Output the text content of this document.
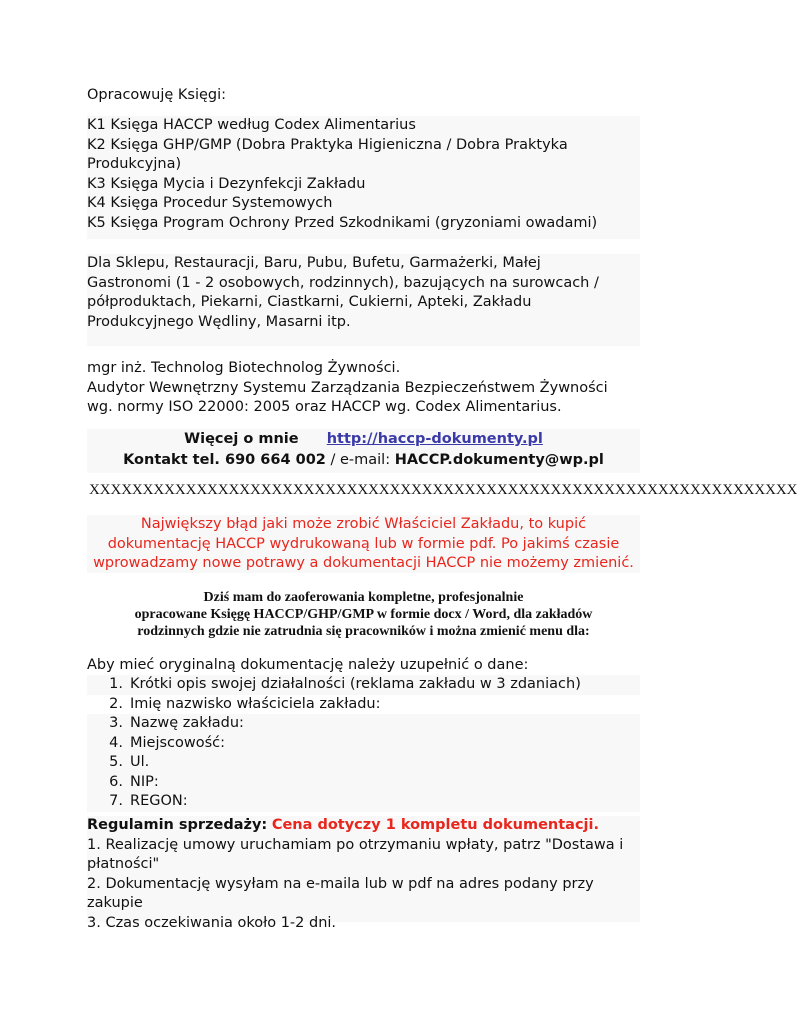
Opracowuję Księgi:
K1 Księga HACCP według Codex Alimentarius
K2 Księga GHP/GMP (Dobra Praktyka Higieniczna / Dobra Praktyka
Produkcyjna)
K3 Księga Mycia i Dezynfekcji Zakładu
K4 Księga Procedur Systemowych
K5 Księga Program Ochrony Przed Szkodnikami (gryzoniami owadami)
Dla Sklepu, Restauracji, Baru, Pubu, Bufetu, Garmażerki, Małej
Gastronomi (1 - 2 osobowych, rodzinnych), bazujących na surowcach /
półproduktach, Piekarni, Ciastkarni, Cukierni, Apteki, Zakładu
Produkcyjnego Wędliny, Masarni itp.
mgr inż. Technolog Biotechnolog Żywności.
Audytor Wewnętrzny Systemu Zarządzania Bezpieczeństwem Żywności
wg. normy ISO 22000: 2005 oraz HACCP wg. Codex Alimentarius.
Więcej o mnie http://haccp-dokumenty.pl
Kontakt tel. 690 664 002 / e-mail: HACCP.dokumenty@wp.pl
XXXXXXXXXXXXXXXXXXXXXXXXXXXXXXXXXXXXXXXXXXXXXXXXXXXXXXXXXXXXXXXXXX
Największy błąd jaki może zrobić Właściciel Zakładu, to kupić
dokumentację HACCP wydrukowaną lub w formie pdf. Po jakimś czasie
wprowadzamy nowe potrawy a dokumentacji HACCP nie możemy zmienić.
Dziś mam do zaoferowania kompletne, profesjonalnie
opracowane Księgę HACCP/GHP/GMP w formie docx / Word, dla zakładów
rodzinnych gdzie nie zatrudnia się pracowników i można zmienić menu dla:
Aby mieć oryginalną dokumentację należy uzupełnić o dane:
1. Krótki opis swojej działalności (reklama zakładu w 3 zdaniach)
2. Imię nazwisko właściciela zakładu:
3. Nazwę zakładu:
4. Miejscowość:
5. Ul.
6. NIP:
7. REGON:
Regulamin sprzedaży: Cena dotyczy 1 kompletu dokumentacji.
1. Realizację umowy uruchamiam po otrzymaniu wpłaty, patrz "Dostawa i
płatności"
2. Dokumentację wysyłam na e-maila lub w pdf na adres podany przy
zakupie
3. Czas oczekiwania około 1-2 dni.
